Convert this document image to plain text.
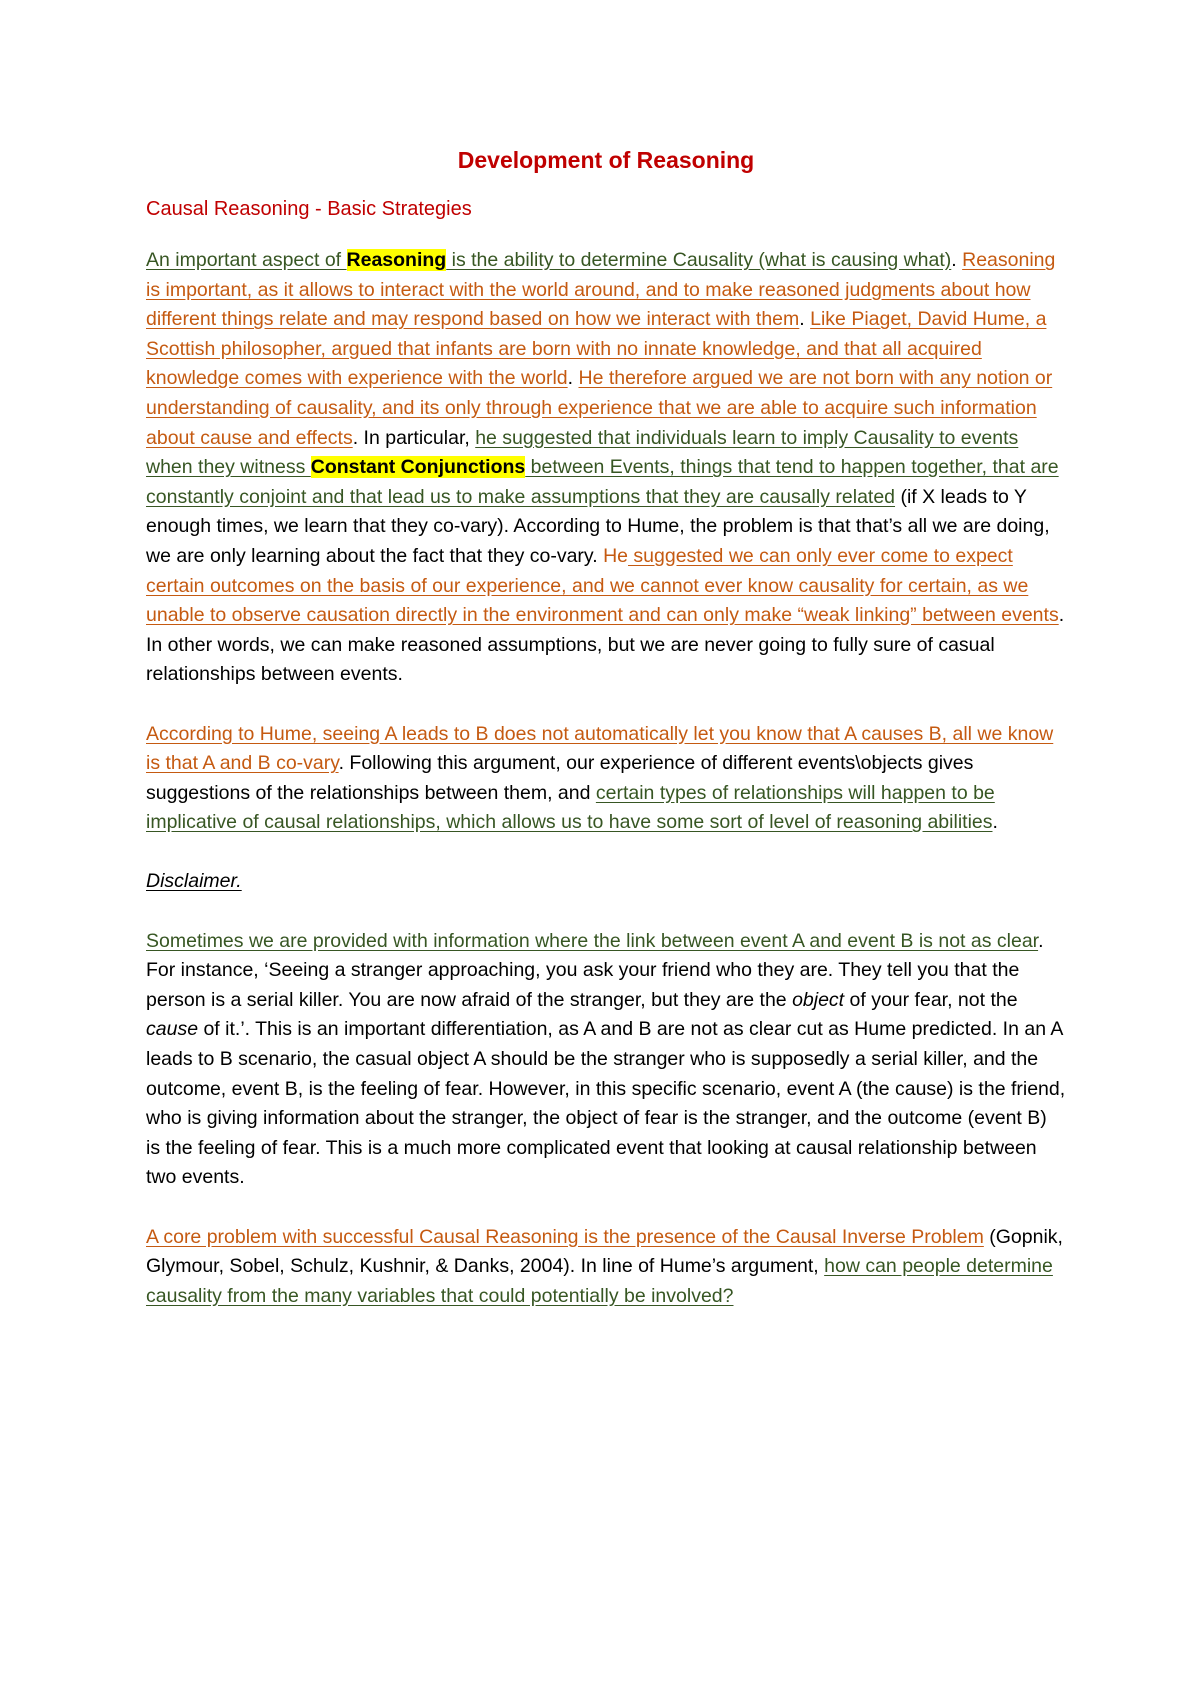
Development of Reasoning
Causal Reasoning - Basic Strategies

An important aspect of Reasoning is the ability to determine Causality (what is causing what). Reasoning is important, as it allows to interact with the world around, and to make reasoned judgments about how different things relate and may respond based on how we interact with them. Like Piaget, David Hume, a Scottish philosopher, argued that infants are born with no innate knowledge, and that all acquired knowledge comes with experience with the world. He therefore argued we are not born with any notion or understanding of causality, and its only through experience that we are able to acquire such information about cause and effects. In particular, he suggested that individuals learn to imply Causality to events when they witness Constant Conjunctions between Events, things that tend to happen together, that are constantly conjoint and that lead us to make assumptions that they are causally related (if X leads to Y enough times, we learn that they co-vary). According to Hume, the problem is that that’s all we are doing, we are only learning about the fact that they co-vary. He suggested we can only ever come to expect certain outcomes on the basis of our experience, and we cannot ever know causality for certain, as we unable to observe causation directly in the environment and can only make “weak linking” between events. In other words, we can make reasoned assumptions, but we are never going to fully sure of casual relationships between events.

According to Hume, seeing A leads to B does not automatically let you know that A causes B, all we know is that A and B co-vary. Following this argument, our experience of different events\objects gives suggestions of the relationships between them, and certain types of relationships will happen to be implicative of causal relationships, which allows us to have some sort of level of reasoning abilities.

Disclaimer.

Sometimes we are provided with information where the link between event A and event B is not as clear. For instance, ‘Seeing a stranger approaching, you ask your friend who they are. They tell you that the person is a serial killer. You are now afraid of the stranger, but they are the object of your fear, not the cause of it.’. This is an important differentiation, as A and B are not as clear cut as Hume predicted. In an A leads to B scenario, the casual object A should be the stranger who is supposedly a serial killer, and the outcome, event B, is the feeling of fear. However, in this specific scenario, event A (the cause) is the friend, who is giving information about the stranger, the object of fear is the stranger, and the outcome (event B) is the feeling of fear. This is a much more complicated event that looking at causal relationship between two events.

A core problem with successful Causal Reasoning is the presence of the Causal Inverse Problem (Gopnik, Glymour, Sobel, Schulz, Kushnir, & Danks, 2004). In line of Hume’s argument, how can people determine causality from the many variables that could potentially be involved?
